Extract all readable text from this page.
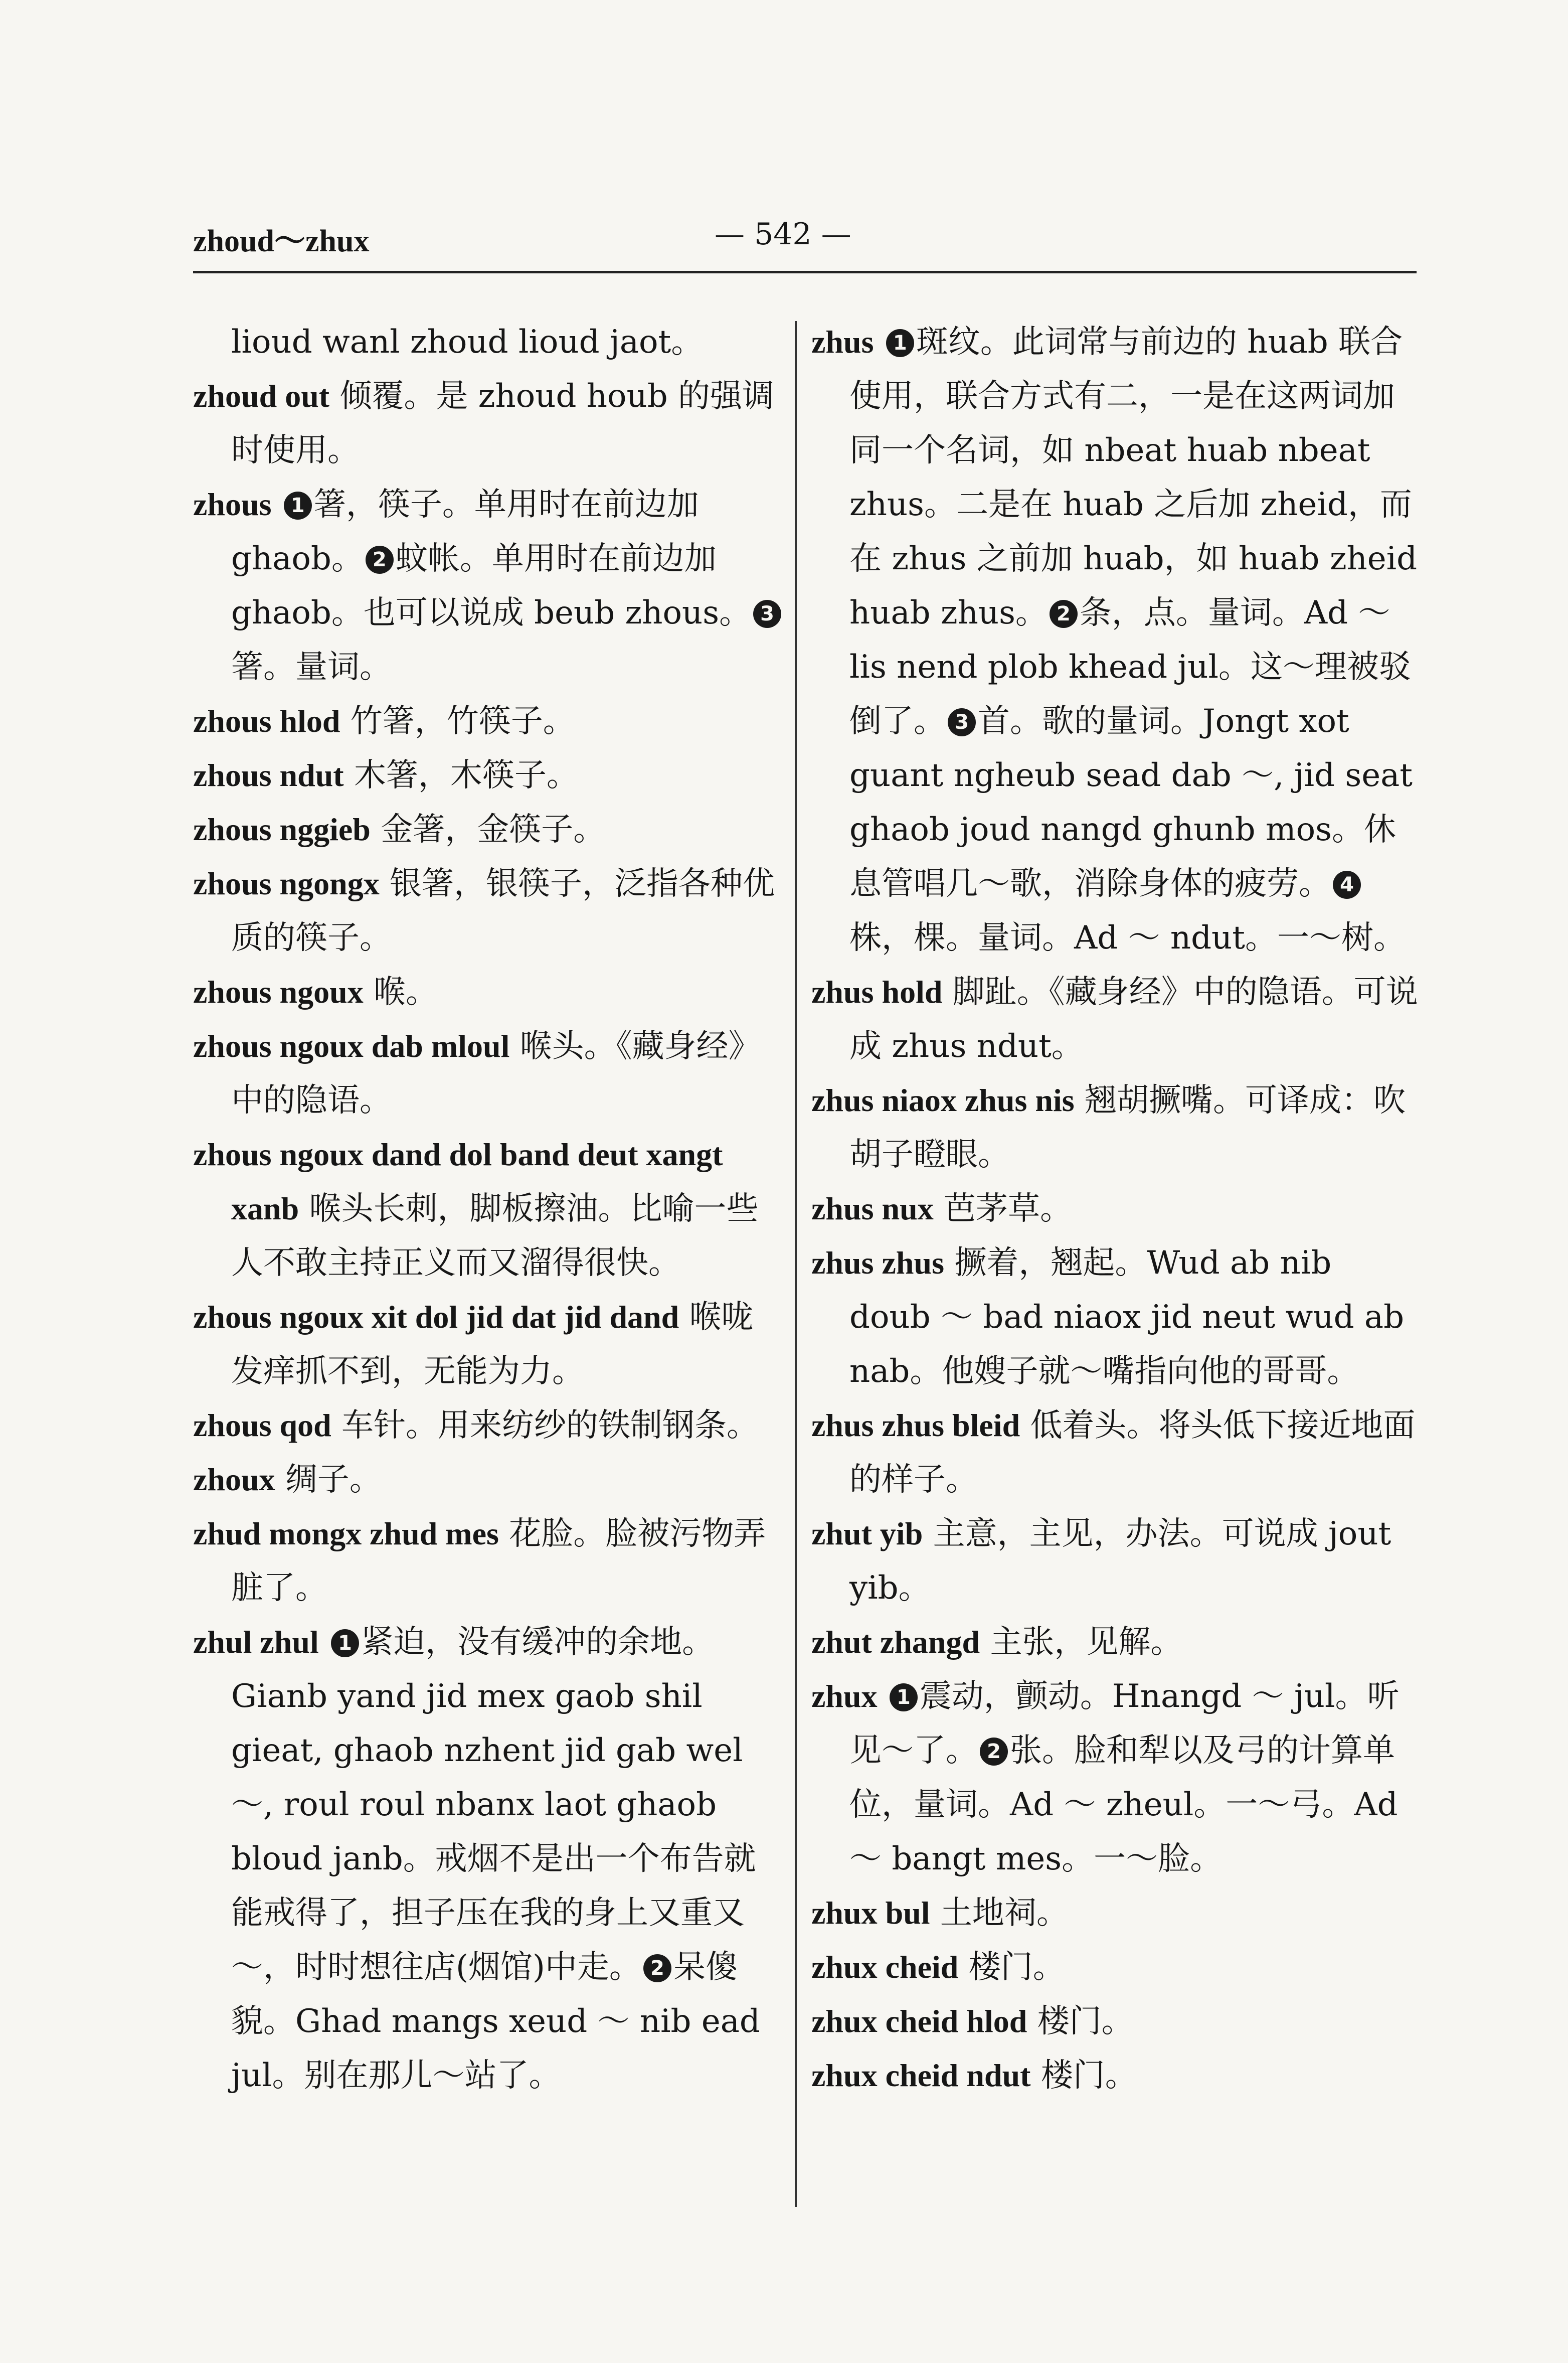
zhoud～zhux	— 542 —

lioud wanl zhoud lioud jaot。

zhoud out 倾覆。是 zhoud houb 的强调时使用。

zhous 1 箸，筷子。单用时在前边加 ghaob。 2 蚊帐。单用时在前边加 ghaob。也可以说成 beub zhous。 3箸。量词。

zhous hlod 竹箸，竹筷子。

zhous ndut 木箸，木筷子。

zhous nggieb 金箸，金筷子。

zhous ngongx 银箸，银筷子，泛指各种优质的筷子。

zhous ngoux 喉。

zhous ngoux dab mloul 喉头。《藏身经》中的隐语。

zhous ngoux dand dol band deut xangt xanb 喉头长刺，脚板擦油。比喻一些人不敢主持正义而又溜得很快。

zhous ngoux xit dol jid dat jid dand 喉咙发痒抓不到，无能为力。

zhous qod 车针。用来纺纱的铁制钢条。

zhoux 绸子。

zhud mongx zhud mes 花脸。脸被污物弄脏了。

zhul zhul 1 紧迫，没有缓冲的余地。Gianb yand jid mex gaob shil gieat, ghaob nzhent jid gab wel ～, roul roul nbanx laot ghaob bloud janb。戒烟不是出一个布告就能戒得了，担子压在我的身上又重又～，时时想往店(烟馆)中走。 2 呆傻貌。Ghad mangs xeud ～ nib ead jul。别在那儿～站了。

zhus 1 斑纹。此词常与前边的 huab 联合使用，联合方式有二，一是在这两词加同一个名词，如 nbeat huab nbeat zhus。二是在 huab 之后加 zheid，而在 zhus 之前加 huab，如 huab zheid huab zhus。 2 条，点。量词。Ad ～ lis nend plob khead jul。这～理被驳倒了。 3 首。歌的量词。Jongt xot guant ngheub sead dab ～, jid seat ghaob joud nangd ghunb mos。休息管唱几～歌，消除身体的疲劳。 4株，棵。量词。Ad ～ ndut。一～树。

zhus hold 脚趾。《藏身经》中的隐语。可说成 zhus ndut。

zhus niaox zhus nis 翘胡撅嘴。可译成：吹胡子瞪眼。

zhus nux 芭茅草。

zhus zhus 撅着，翘起。Wud ab nib doub ～ bad niaox jid neut wud ab nab。他嫂子就～嘴指向他的哥哥。

zhus zhus bleid 低着头。将头低下接近地面的样子。

zhut yib 主意，主见，办法。可说成 jout yib。

zhut zhangd 主张，见解。

zhux 1 震动，颤动。Hnangd ～ jul。听见～了。 2 张。脸和犁以及弓的计算单位，量词。Ad ～ zheul。一～弓。Ad ～ bangt mes。一～脸。

zhux bul 土地祠。

zhux cheid 楼门。

zhux cheid hlod 楼门。

zhux cheid ndut 楼门。
